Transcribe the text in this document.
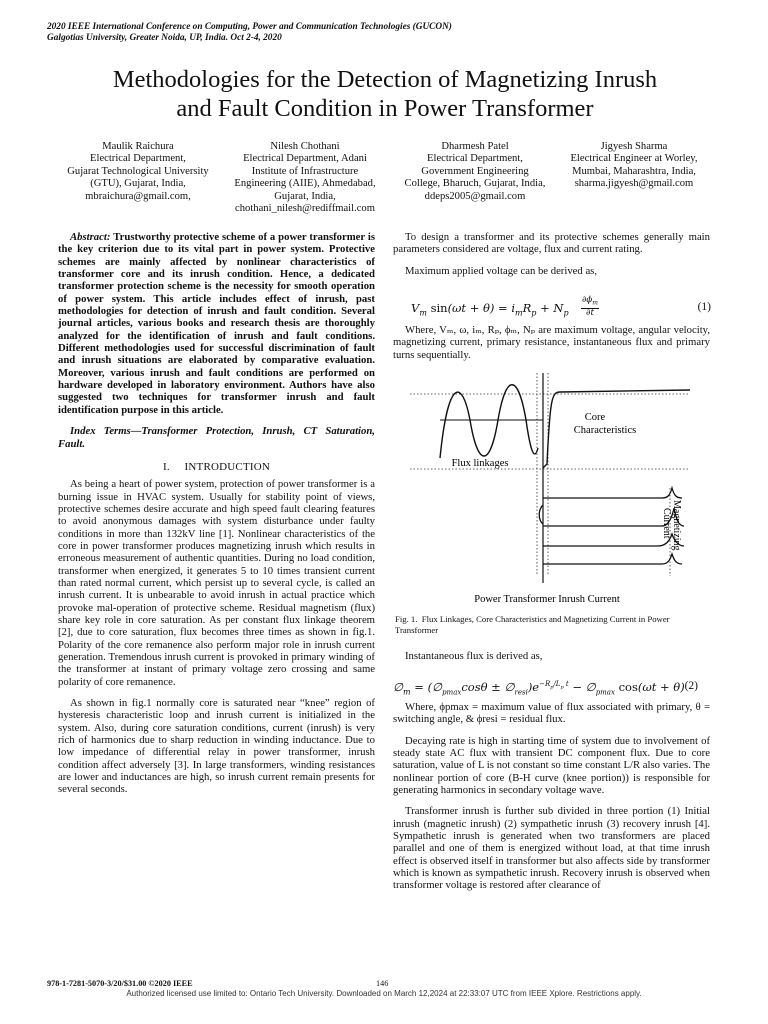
2020 IEEE International Conference on Computing, Power and Communication Technologies (GUCON)
Galgotias University, Greater Noida, UP, India. Oct 2-4, 2020
Methodologies for the Detection of Magnetizing Inrush
and Fault Condition in Power Transformer
Maulik Raichura
Electrical Department,
Gujarat Technological University
(GTU), Gujarat, India,
mbraichura@gmail.com,
Nilesh Chothani
Electrical Department, Adani
Institute of Infrastructure
Engineering (AIIE), Ahmedabad,
Gujarat, India,
chothani_nilesh@rediffmail.com
Dharmesh Patel
Electrical Department,
Government Engineering
College, Bharuch, Gujarat, India,
ddeps2005@gmail.com
Jigyesh Sharma
Electrical Engineer at Worley,
Mumbai, Maharashtra, India,
sharma.jigyesh@gmail.com

Abstract: Trustworthy protective scheme of a power transformer is the key criterion due to its vital part in power system. Protective schemes are mainly affected by nonlinear characteristics of transformer core and its inrush condition. Hence, a dedicated transformer protection scheme is the necessity for smooth operation of power system. This article includes effect of inrush, past methodologies for detection of inrush and fault condition. Several journal articles, various books and research thesis are thoroughly analyzed for the identification of inrush and fault conditions. Different methodologies used for successful discrimination of fault and inrush situations are elaborated by comparative evaluation. Moreover, various inrush and fault conditions are performed on hardware developed in laboratory environment. Authors have also suggested two techniques for transformer inrush and fault identification purpose in this article.

Index Terms—Transformer Protection, Inrush, CT Saturation, Fault.

I.     INTRODUCTION

As being a heart of power system, protection of power transformer is a burning issue in HVAC system. Usually for stability point of views, protective schemes desire accurate and high speed fault clearing features to avoid anonymous damages with system disturbance under faulty conditions in more than 132kV line [1]. Nonlinear characteristics of the core in power transformer produces magnetizing inrush which results in erroneous measurement of authentic quantities. During no load condition, transformer when energized, it generates 5 to 10 times transient current than rated normal current, which persist up to several cycle, is called an inrush current. It is unbearable to avoid inrush in actual practice which provoke mal-operation of protective scheme. Residual magnetism (flux) share key role in core saturation. As per constant flux linkage theorem [2], due to core saturation, flux becomes three times as shown in fig.1. Polarity of the core remanence also perform major role in inrush current generation. Tremendous inrush current is provoked in primary winding of the transformer at instant of primary voltage zero crossing and same polarity of core remanence.

As shown in fig.1 normally core is saturated near “knee” region of hysteresis characteristic loop and inrush current is initialized in the system. Also, during core saturation conditions, current (inrush) is very rich of harmonics due to sharp reduction in winding inductance. Due to low impedance of differential relay in power transformer, inrush condition affect adversely [3]. In large transformers, winding resistances are lower and inductances are high, so inrush current remain presents for several seconds.

To design a transformer and its protective schemes generally main parameters considered are voltage, flux and current rating.

Maximum applied voltage can be derived as,

$V_m$ $\sin(\omega t + \theta) = i_mR_p + N_p$
$\partial\phi_m$
∂t	(1)

Where, Vₘ, ω, iₘ, Rₚ, ϕₘ, Nₚ are maximum voltage, angular velocity, magnetizing current, primary resistance, instantaneous flux and primary turns sequentially.

Core
Characteristics
Flux linkages
Magnetizing
Current
Power Transformer Inrush Current
Fig. 1. Flux Linkages, Core Characteristics and Magnetizing Current in Power Transformer

Instantaneous flux is derived as,

$\emptyset_m$ = ($\emptyset_{pmax}\cos\theta$ ± $\emptyset_{resi})e^{-R_p/L_p t}$ − $\emptyset_{pmax}$ cos(ωt + θ) (2)

Where, ϕpmax = maximum value of flux associated with primary, θ = switching angle, & ϕresi = residual flux.

Decaying rate is high in starting time of system due to involvement of steady state AC flux with transient DC component flux. Due to core saturation, value of L is not constant so time constant L/R also varies. The nonlinear portion of core (B-H curve (knee portion)) is responsible for generating harmonics in secondary voltage wave.

Transformer inrush is further sub divided in three portion (1) Initial inrush (magnetic inrush) (2) sympathetic inrush (3) recovery inrush [4]. Sympathetic inrush is generated when two transformers are placed parallel and one of them is energized without load, at that time inrush effect is observed itself in transformer but also affects side by transformer which is known as sympathetic inrush. Recovery inrush is observed when transformer voltage is restored after clearance of

978-1-7281-5070-3/20/$31.00 ©2020 IEEE	146
Authorized licensed use limited to: Ontario Tech University. Downloaded on March 12,2024 at 22:33:07 UTC from IEEE Xplore. Restrictions apply.
